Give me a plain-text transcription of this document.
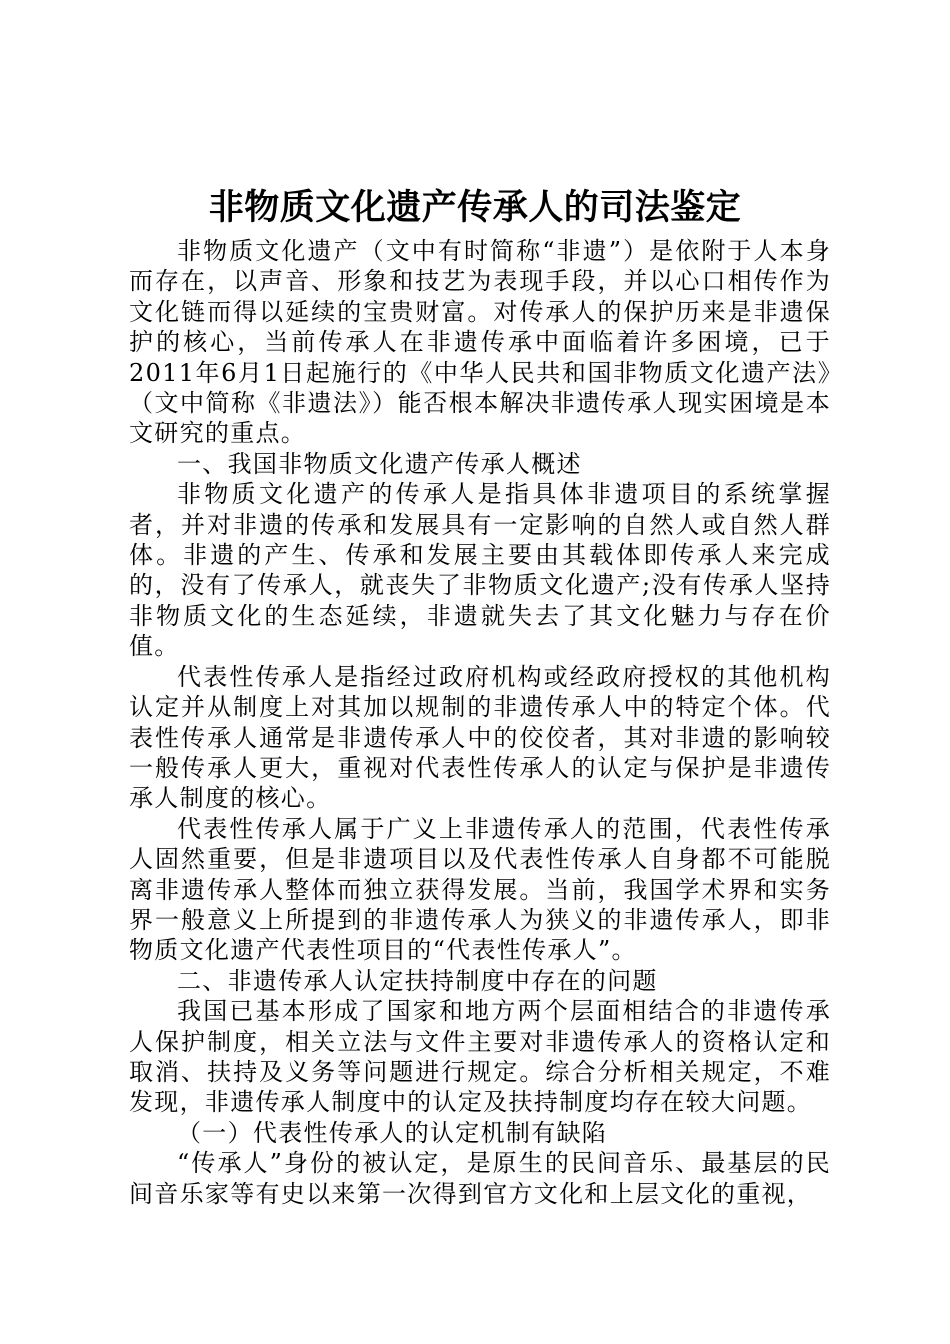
非物质文化遗产传承人的司法鉴定

非物质文化遗产（文中有时简称“非遗”）是依附于人本身而存在，以声音、形象和技艺为表现手段，并以心口相传作为文化链而得以延续的宝贵财富。对传承人的保护历来是非遗保护的核心，当前传承人在非遗传承中面临着许多困境，已于2011年6月1日起施行的《中华人民共和国非物质文化遗产法》（文中简称《非遗法》）能否根本解决非遗传承人现实困境是本文研究的重点。

一、我国非物质文化遗产传承人概述

非物质文化遗产的传承人是指具体非遗项目的系统掌握者，并对非遗的传承和发展具有一定影响的自然人或自然人群体。非遗的产生、传承和发展主要由其载体即传承人来完成的，没有了传承人，就丧失了非物质文化遗产;没有传承人坚持非物质文化的生态延续，非遗就失去了其文化魅力与存在价值。

代表性传承人是指经过政府机构或经政府授权的其他机构认定并从制度上对其加以规制的非遗传承人中的特定个体。代表性传承人通常是非遗传承人中的佼佼者，其对非遗的影响较一般传承人更大，重视对代表性传承人的认定与保护是非遗传承人制度的核心。

代表性传承人属于广义上非遗传承人的范围，代表性传承人固然重要，但是非遗项目以及代表性传承人自身都不可能脱离非遗传承人整体而独立获得发展。当前，我国学术界和实务界一般意义上所提到的非遗传承人为狭义的非遗传承人，即非物质文化遗产代表性项目的“代表性传承人”。

二、非遗传承人认定扶持制度中存在的问题

我国已基本形成了国家和地方两个层面相结合的非遗传承人保护制度，相关立法与文件主要对非遗传承人的资格认定和取消、扶持及义务等问题进行规定。综合分析相关规定，不难发现，非遗传承人制度中的认定及扶持制度均存在较大问题。

（一）代表性传承人的认定机制有缺陷

“传承人”身份的被认定，是原生的民间音乐、最基层的民间音乐家等有史以来第一次得到官方文化和上层文化的重视，
